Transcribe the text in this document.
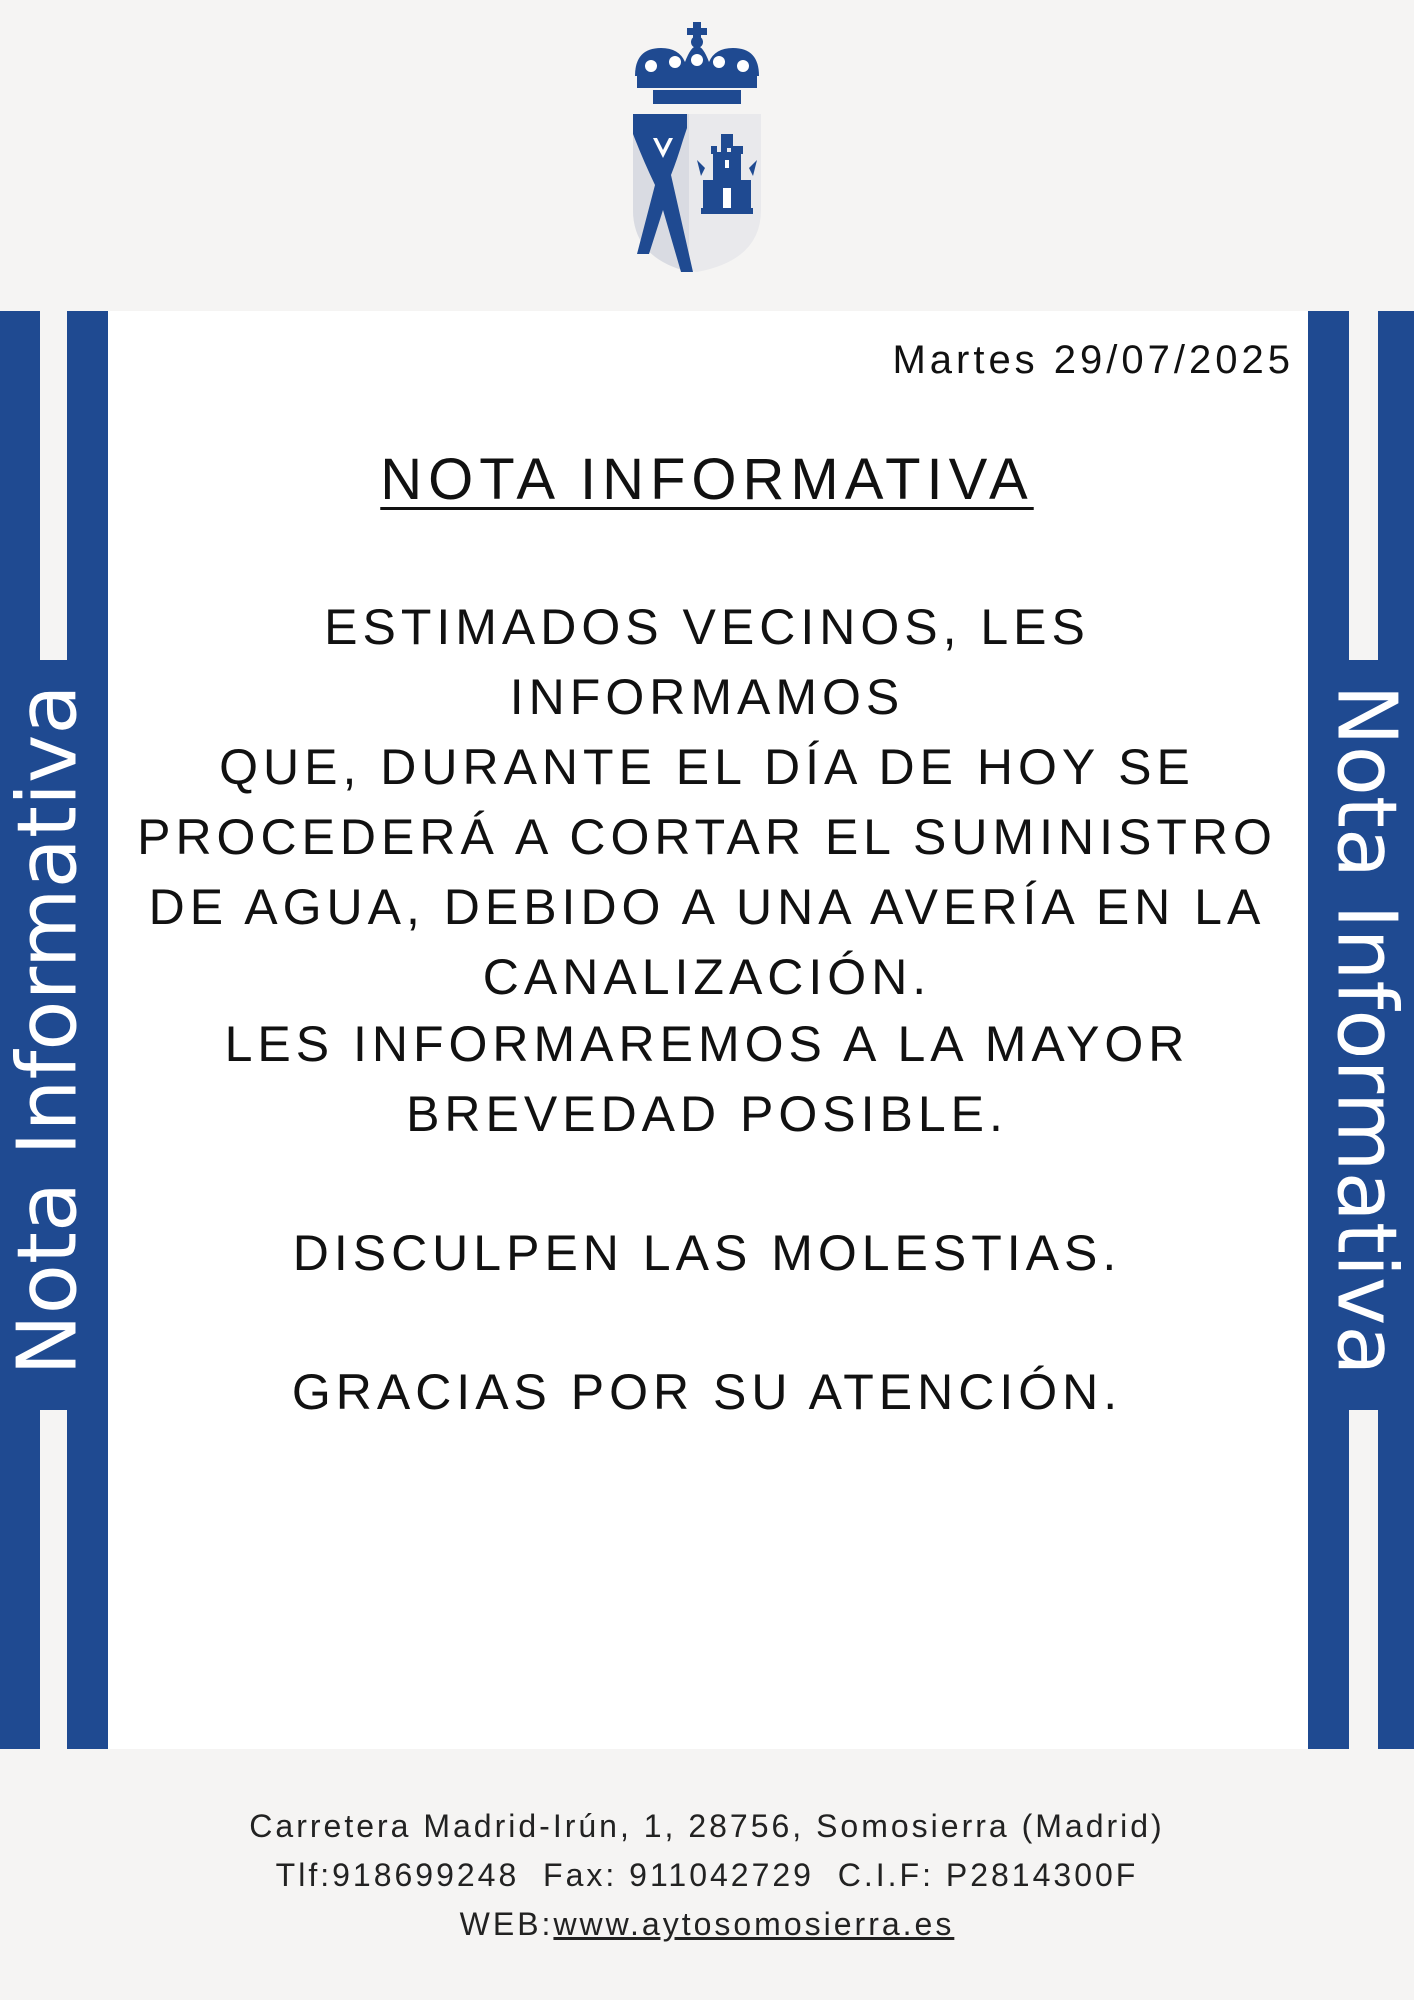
Nota Informativa	Nota Informativa
Martes 29/07/2025
NOTA INFORMATIVA

ESTIMADOS VECINOS, LES INFORMAMOS

QUE, DURANTE EL DÍA DE HOY SE

PROCEDERÁ A CORTAR EL SUMINISTRO

DE AGUA, DEBIDO A UNA AVERÍA EN LA

CANALIZACIÓN.

LES INFORMAREMOS A LA MAYOR

BREVEDAD POSIBLE.

DISCULPEN LAS MOLESTIAS.

GRACIAS POR SU ATENCIÓN.

Carretera Madrid-Irún, 1, 28756, Somosierra (Madrid)
Tlf:918699248  Fax: 911042729  C.I.F: P2814300F
WEB:www.aytosomosierra.es
